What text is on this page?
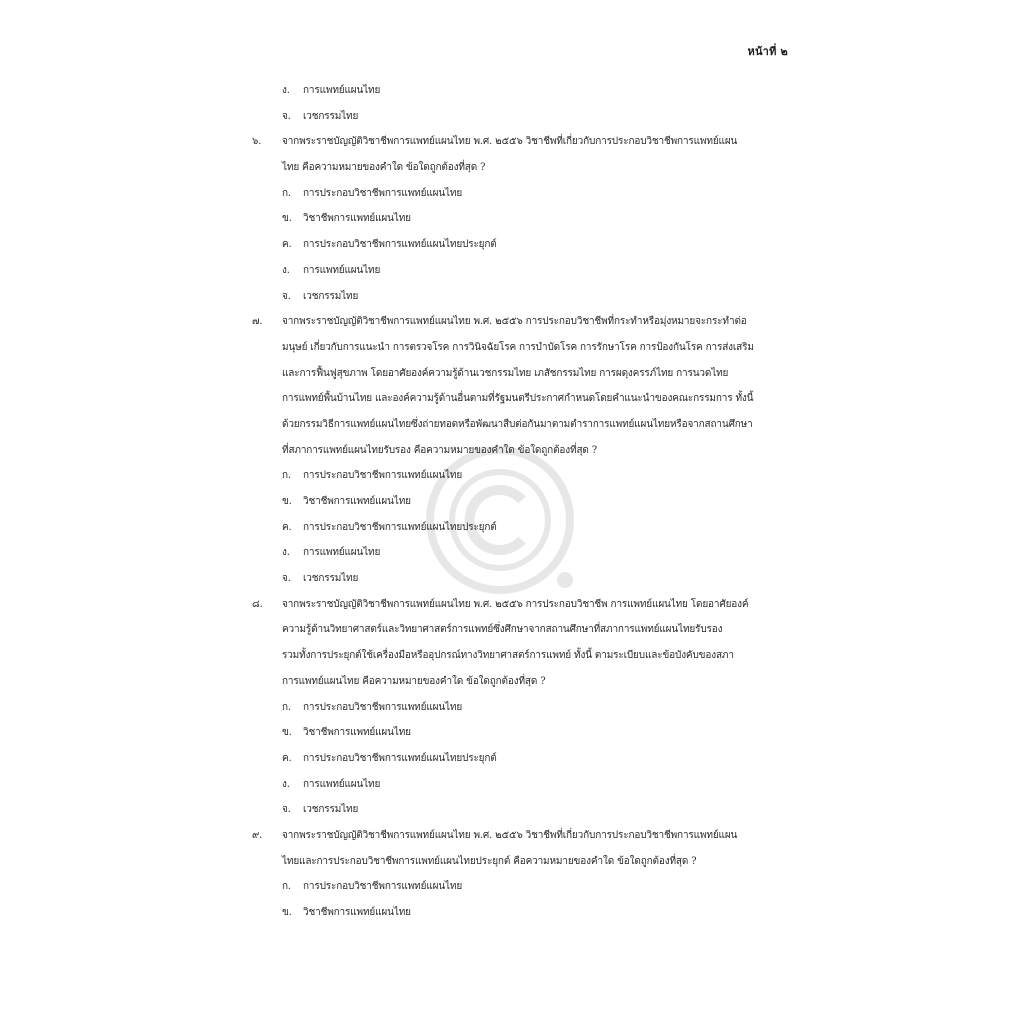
หน้าที่ ๒
ง. การแพทย์แผนไทย
จ. เวชกรรมไทย
๖. จากพระราชบัญญัติวิชาชีพการแพทย์แผนไทย พ.ศ. ๒๕๕๖ วิชาชีพที่เกี่ยวกับการประกอบวิชาชีพการแพทย์แผน
ไทย คือความหมายของคำใด ข้อใดถูกต้องที่สุด ?
ก. การประกอบวิชาชีพการแพทย์แผนไทย
ข. วิชาชีพการแพทย์แผนไทย
ค. การประกอบวิชาชีพการแพทย์แผนไทยประยุกต์
ง. การแพทย์แผนไทย
จ. เวชกรรมไทย
๗. จากพระราชบัญญัติวิชาชีพการแพทย์แผนไทย พ.ศ. ๒๕๕๖ การประกอบวิชาชีพที่กระทำหรือมุ่งหมายจะกระทำต่อ
มนุษย์ เกี่ยวกับการแนะนำ การตรวจโรค การวินิจฉัยโรค การบำบัดโรค การรักษาโรค การป้องกันโรค การส่งเสริม
และการฟื้นฟูสุขภาพ โดยอาศัยองค์ความรู้ด้านเวชกรรมไทย เภสัชกรรมไทย การผดุงครรภ์ไทย การนวดไทย
การแพทย์พื้นบ้านไทย และองค์ความรู้ด้านอื่นตามที่รัฐมนตรีประกาศกำหนดโดยคำแนะนำของคณะกรรมการ ทั้งนี้
ด้วยกรรมวิธีการแพทย์แผนไทยซึ่งถ่ายทอดหรือพัฒนาสืบต่อกันมาตามตำราการแพทย์แผนไทยหรือจากสถานศึกษา
ที่สภาการแพทย์แผนไทยรับรอง คือความหมายของคำใด ข้อใดถูกต้องที่สุด ?
ก. การประกอบวิชาชีพการแพทย์แผนไทย
ข. วิชาชีพการแพทย์แผนไทย
ค. การประกอบวิชาชีพการแพทย์แผนไทยประยุกต์
ง. การแพทย์แผนไทย
จ. เวชกรรมไทย
๘. จากพระราชบัญญัติวิชาชีพการแพทย์แผนไทย พ.ศ. ๒๕๕๖ การประกอบวิชาชีพ การแพทย์แผนไทย โดยอาศัยองค์
ความรู้ด้านวิทยาศาสตร์และวิทยาศาสตร์การแพทย์ซึ่งศึกษาจากสถานศึกษาที่สภาการแพทย์แผนไทยรับรอง
รวมทั้งการประยุกต์ใช้เครื่องมือหรืออุปกรณ์ทางวิทยาศาสตร์การแพทย์ ทั้งนี้ ตามระเบียบและข้อบังคับของสภา
การแพทย์แผนไทย คือความหมายของคำใด ข้อใดถูกต้องที่สุด ?
ก. การประกอบวิชาชีพการแพทย์แผนไทย
ข. วิชาชีพการแพทย์แผนไทย
ค. การประกอบวิชาชีพการแพทย์แผนไทยประยุกต์
ง. การแพทย์แผนไทย
จ. เวชกรรมไทย
๙. จากพระราชบัญญัติวิชาชีพการแพทย์แผนไทย พ.ศ. ๒๕๕๖ วิชาชีพที่เกี่ยวกับการประกอบวิชาชีพการแพทย์แผน
ไทยและการประกอบวิชาชีพการแพทย์แผนไทยประยุกต์ คือความหมายของคำใด ข้อใดถูกต้องที่สุด ?
ก. การประกอบวิชาชีพการแพทย์แผนไทย
ข. วิชาชีพการแพทย์แผนไทย
